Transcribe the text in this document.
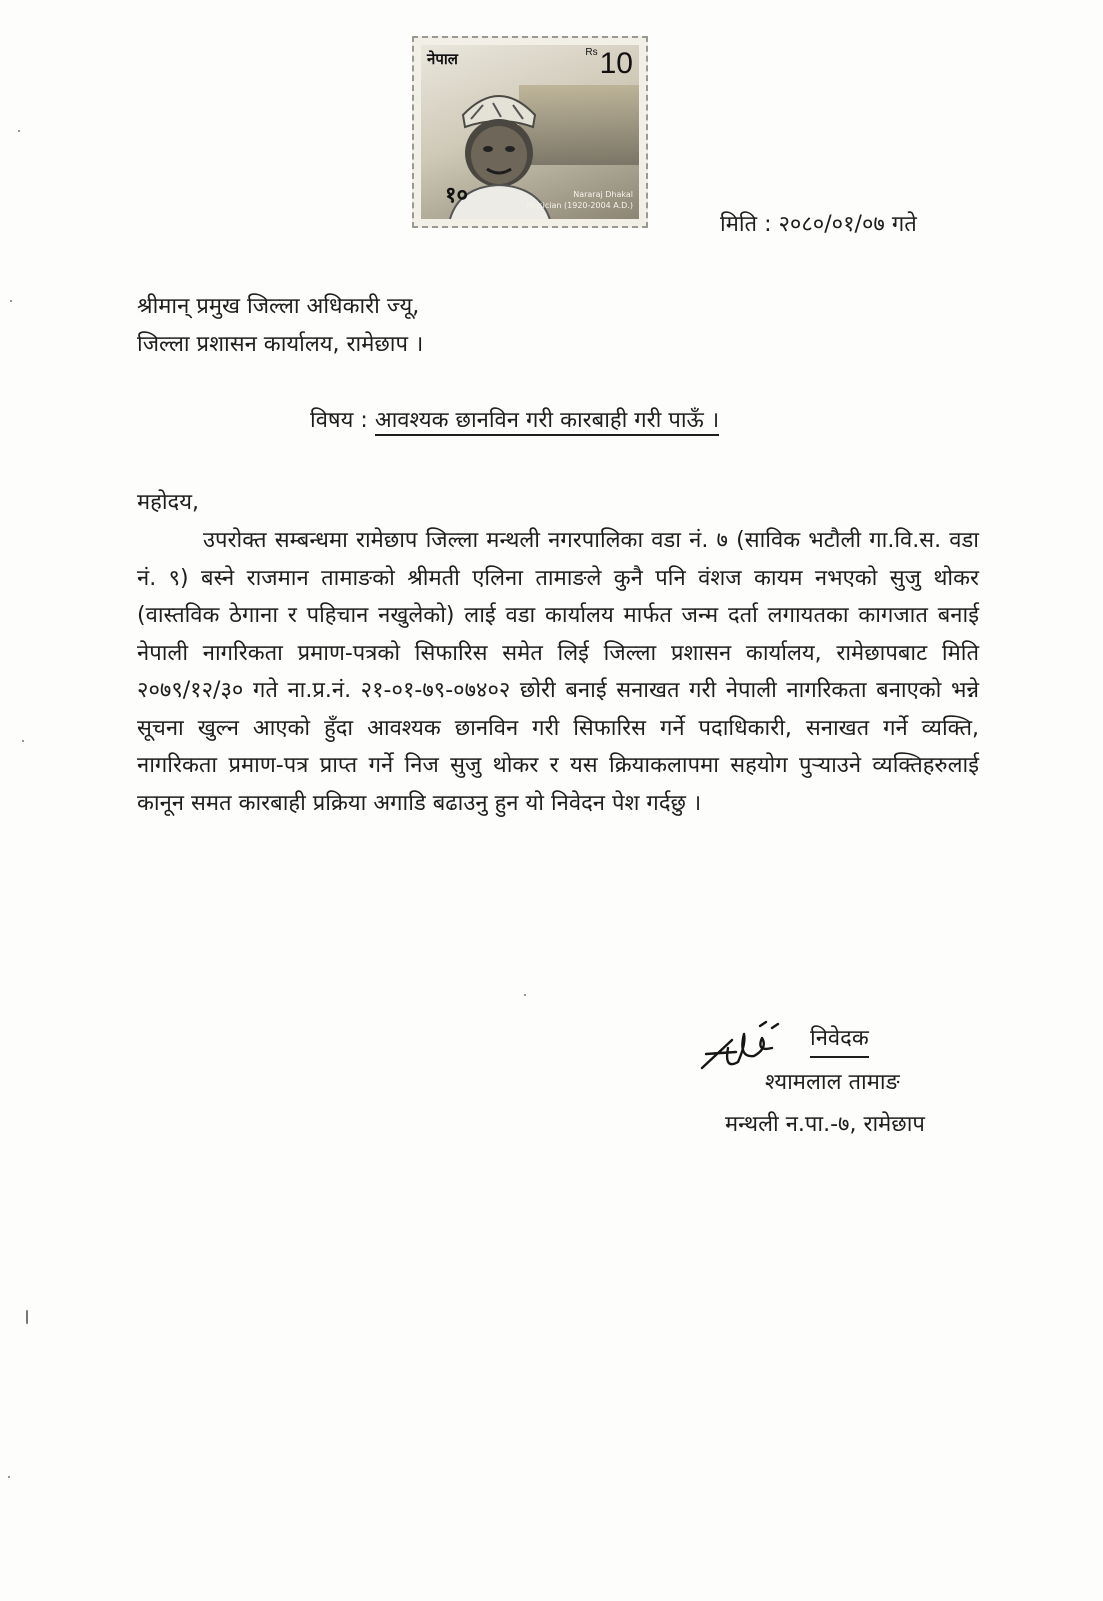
नेपाल	$^{Rs}$10
१०	Nararaj Dhakal
Musician (1920-2004 A.D.)
मिति : २०८०/०१/०७ गते
श्रीमान् प्रमुख जिल्ला अधिकारी ज्यू,
जिल्ला प्रशासन कार्यालय, रामेछाप ।
विषय : आवश्यक छानविन गरी कारबाही गरी पाऊँ ।
महोदय,
उपरोक्त सम्बन्धमा रामेछाप जिल्ला मन्थली नगरपालिका वडा नं. ७ (साविक भटौली गा.वि.स. वडा नं. ९) बस्ने राजमान तामाङको श्रीमती एलिना तामाङले कुनै पनि वंशज कायम नभएको सुजु थोकर (वास्तविक ठेगाना र पहिचान नखुलेको) लाई वडा कार्यालय मार्फत जन्म दर्ता लगायतका कागजात बनाई नेपाली नागरिकता प्रमाण-पत्रको सिफारिस समेत लिई जिल्ला प्रशासन कार्यालय, रामेछापबाट मिति २०७९/१२/३० गते ना.प्र.नं. २१-०१-७९-०७४०२ छोरी बनाई सनाखत गरी नेपाली नागरिकता बनाएको भन्ने सूचना खुल्न आएको हुँदा आवश्यक छानविन गरी सिफारिस गर्ने पदाधिकारी, सनाखत गर्ने व्यक्ति, नागरिकता प्रमाण-पत्र प्राप्त गर्ने निज सुजु थोकर र यस क्रियाकलापमा सहयोग पुऱ्याउने व्यक्तिहरुलाई कानून समत कारबाही प्रक्रिया अगाडि बढाउनु हुन यो निवेदन पेश गर्दछु ।
निवेदक
श्यामलाल तामाङ
मन्थली न.पा.-७, रामेछाप
